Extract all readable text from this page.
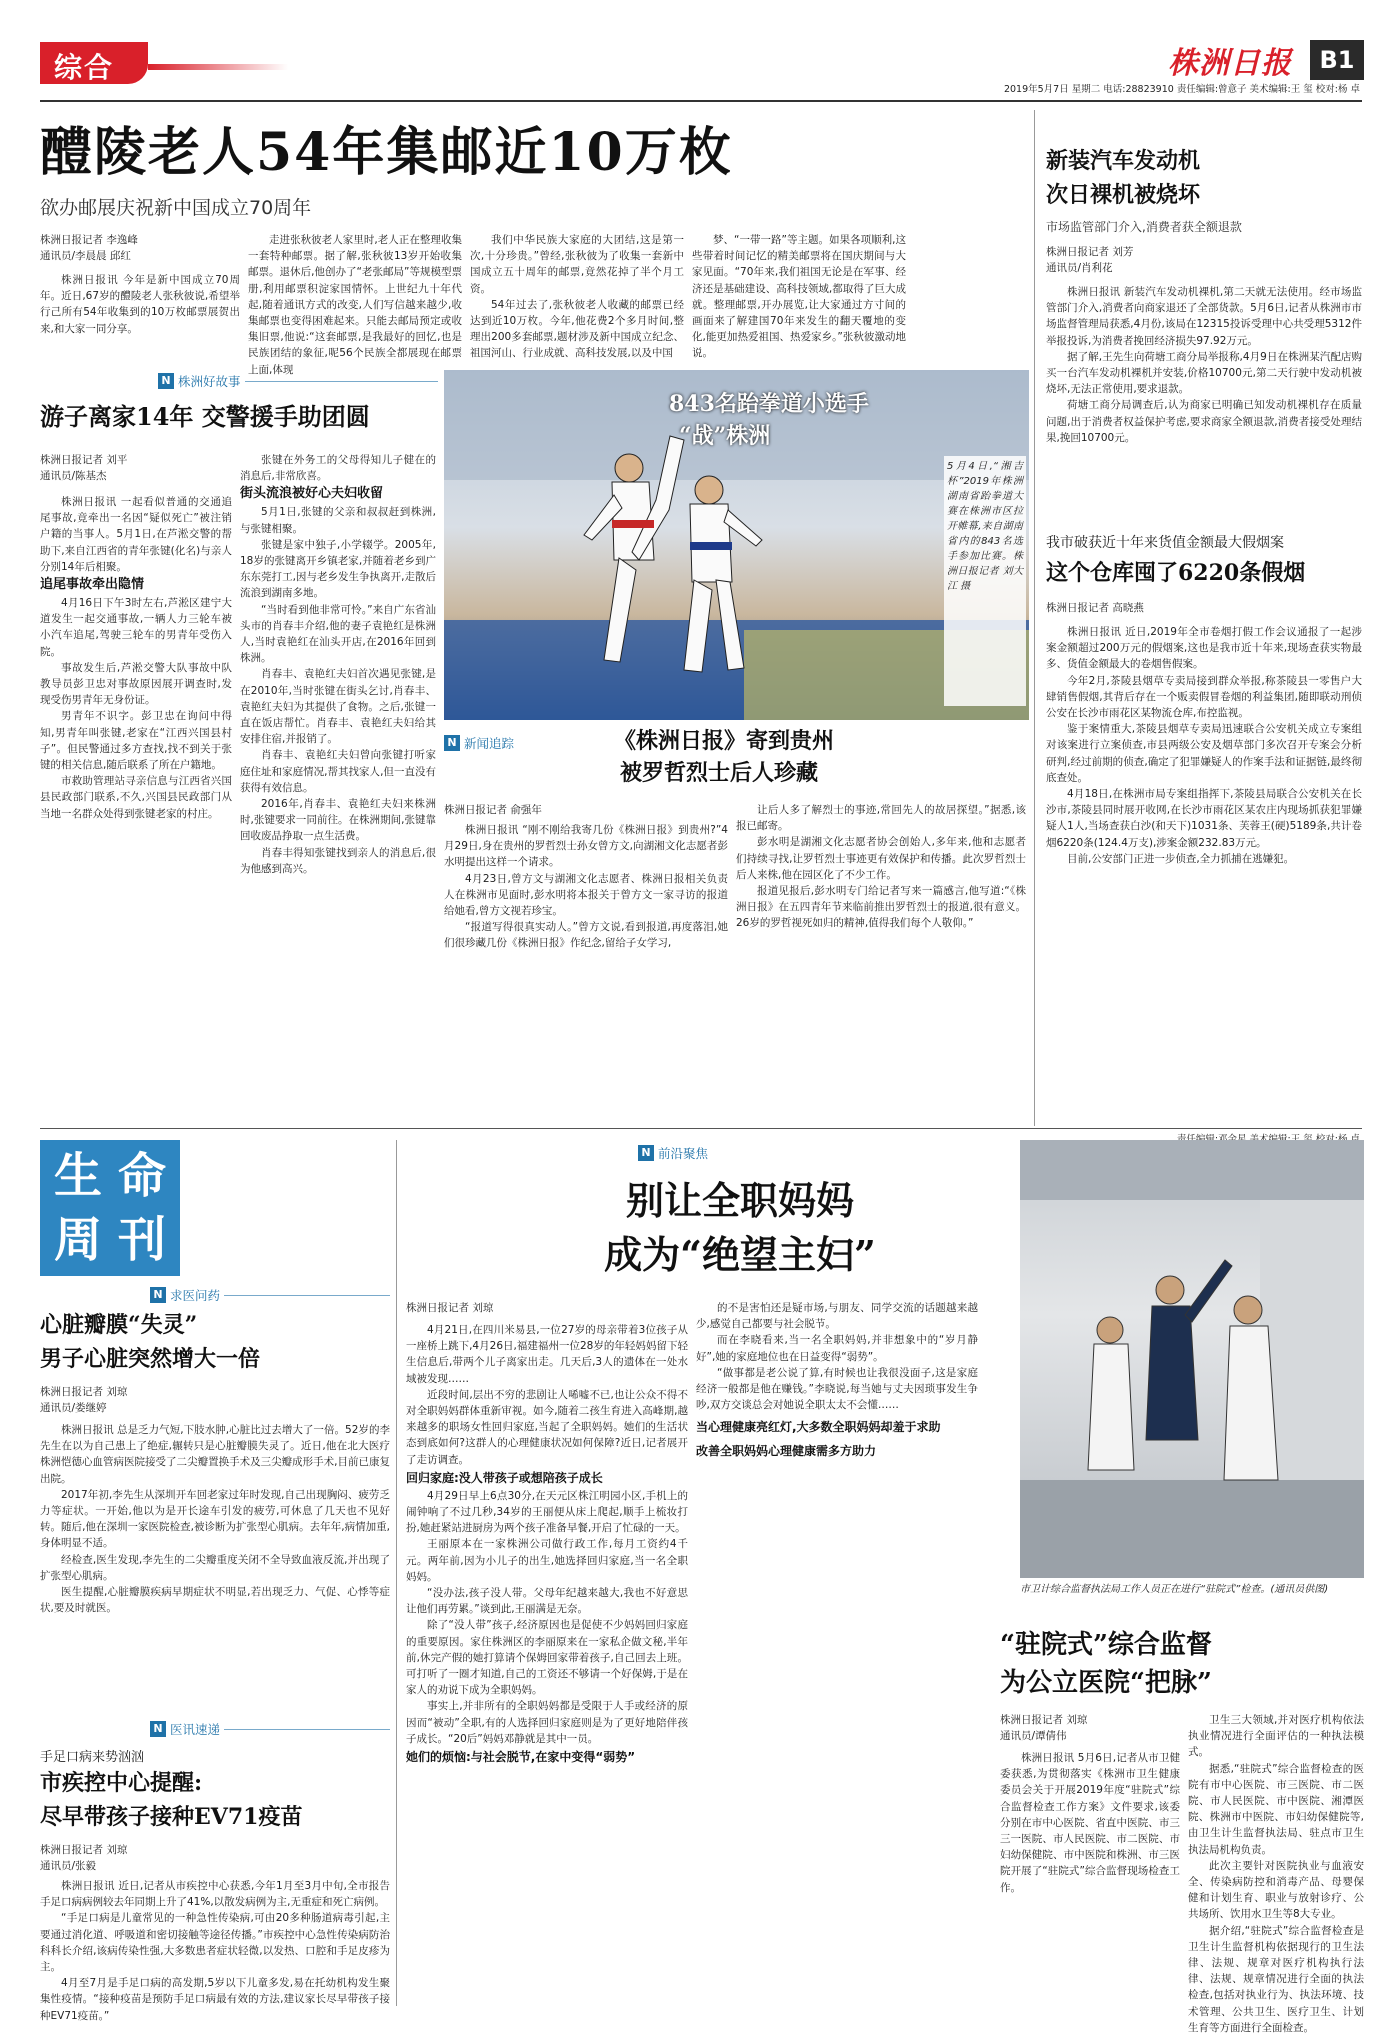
综合	株洲日报	B1
2019年5月7日 星期二 电话:28823910 责任编辑:曾意子 美术编辑:王 玺 校对:杨 卓
醴陵老人54年集邮近10万枚
欲办邮展庆祝新中国成立70周年
株洲日报记者 李逸峰
通讯员/李晨晨 邱红

株洲日报讯 今年是新中国成立70周年。近日,67岁的醴陵老人张秋彼说,希望举行己所有54年收集到的10万枚邮票展贺出来,和大家一同分享。

走进张秋彼老人家里时,老人正在整理收集一套特种邮票。据了解,张秋彼13岁开始收集邮票。退休后,他创办了“老张邮局”等规模型票册,利用邮票积淀家国情怀。上世纪九十年代起,随着通讯方式的改变,人们写信越来越少,收集邮票也变得困难起来。只能去邮局预定或收集旧票,他说:“这套邮票,是我最好的回忆,也是民族团结的象征,呢56个民族全都展现在邮票上面,体现

我们中华民族大家庭的大团结,这是第一次,十分珍贵。”曾经,张秋彼为了收集一套新中国成立五十周年的邮票,竟然花掉了半个月工资。

54年过去了,张秋彼老人收藏的邮票已经达到近10万枚。今年,他花费2个多月时间,整理出200多套邮票,题材涉及新中国成立纪念、祖国河山、行业成就、高科技发展,以及中国

梦、“一带一路”等主题。如果各项顺利,这些带着时间记忆的精美邮票将在国庆期间与大家见面。“70年来,我们祖国无论是在军事、经济还是基础建设、高科技领域,都取得了巨大成就。整理邮票,开办展览,让大家通过方寸间的画面来了解建国70年来发生的翻天覆地的变化,能更加热爱祖国、热爱家乡。”张秋彼激动地说。

N 株洲好故事
游子离家14年 交警援手助团圆
株洲日报记者 刘平
通讯员/陈基杰

株洲日报讯 一起看似普通的交通追尾事故,竟牵出一名因“疑似死亡”被注销户籍的当事人。5月1日,在芦淞交警的帮助下,来自江西省的青年张键(化名)与亲人分别14年后相聚。

追尾事故牵出隐情

4月16日下午3时左右,芦淞区建宁大道发生一起交通事故,一辆人力三轮车被小汽车追尾,驾驶三轮车的男青年受伤入院。

事故发生后,芦淞交警大队事故中队教导员彭卫忠对事故原因展开调查时,发现受伤男青年无身份证。

男青年不识字。彭卫忠在询问中得知,男青年叫张键,老家在“江西兴国县村子”。但民警通过多方查找,找不到关于张键的相关信息,随后联系了所在户籍地。

市救助管理站寻亲信息与江西省兴国县民政部门联系,不久,兴国县民政部门从当地一名群众处得到张键老家的村庄。

张键在外务工的父母得知儿子健在的消息后,非常欣喜。

街头流浪被好心夫妇收留

5月1日,张键的父亲和叔叔赶到株洲,与张键相聚。

张键是家中独子,小学辍学。2005年,18岁的张键离开乡镇老家,并随着老乡到广东东莞打工,因与老乡发生争执离开,走散后流浪到湖南多地。

“当时看到他非常可怜。”来自广东省汕头市的肖春丰介绍,他的妻子袁艳红是株洲人,当时袁艳红在汕头开店,在2016年回到株洲。

肖春丰、袁艳红夫妇首次遇见张键,是在2010年,当时张键在街头乞讨,肖春丰、袁艳红夫妇为其提供了食物。之后,张键一直在饭店帮忙。肖春丰、袁艳红夫妇给其安排住宿,并报销了。

肖春丰、袁艳红夫妇曾向张键打听家庭住址和家庭情况,帮其找家人,但一直没有获得有效信息。

2016年,肖春丰、袁艳红夫妇来株洲时,张键要求一同前往。在株洲期间,张键靠回收废品挣取一点生活费。

肖春丰得知张键找到亲人的消息后,很为他感到高兴。

843名跆拳道小选手
“战”株洲
5月4日,“湘吉杯”2019年株洲湖南省跆拳道大赛在株洲市区拉开帷幕,来自湖南省内的843名选手参加比赛。株洲日报记者 刘大江 摄
N 新闻追踪	《株洲日报》寄到贵州
被罗哲烈士后人珍藏
株洲日报记者 俞强年

株洲日报讯 “刚不刚给我寄几份《株洲日报》到贵州?”4月29日,身在贵州的罗哲烈士孙女曾方文,向湖湘文化志愿者彭水明提出这样一个请求。

4月23日,曾方文与湖湘文化志愿者、株洲日报相关负责人在株洲市见面时,彭水明将本报关于曾方文一家寻访的报道给她看,曾方文视若珍宝。

“报道写得很真实动人。”曾方文说,看到报道,再度落泪,她们很珍藏几份《株洲日报》作纪念,留给子女学习,

让后人多了解烈士的事迹,常回先人的故居探望。”据悉,该报已邮寄。

彭水明是湖湘文化志愿者协会创始人,多年来,他和志愿者们持续寻找,让罗哲烈士事迹更有效保护和传播。此次罗哲烈士后人来株,他在园区化了不少工作。

报道见报后,彭水明专门给记者写来一篇感言,他写道:“《株洲日报》在五四青年节来临前推出罗哲烈士的报道,很有意义。26岁的罗哲视死如归的精神,值得我们每个人敬仰。”

新装汽车发动机
次日裸机被烧坏
市场监管部门介入,消费者获全额退款
株洲日报记者 刘芳
通讯员/肖利花

株洲日报讯 新装汽车发动机裸机,第二天就无法使用。经市场监管部门介入,消费者向商家退还了全部货款。5月6日,记者从株洲市市场监督管理局获悉,4月份,该局在12315投诉受理中心共受理5312件举报投诉,为消费者挽回经济损失97.92万元。

据了解,王先生向荷塘工商分局举报称,4月9日在株洲某汽配店购买一台汽车发动机裸机并安装,价格10700元,第二天行驶中发动机被烧坏,无法正常使用,要求退款。

荷塘工商分局调查后,认为商家已明确已知发动机裸机存在质量问题,出于消费者权益保护考虑,要求商家全额退款,消费者接受处理结果,挽回10700元。

我市破获近十年来货值金额最大假烟案
这个仓库囤了6220条假烟
株洲日报记者 高晓燕

株洲日报讯 近日,2019年全市卷烟打假工作会议通报了一起涉案金额超过200万元的假烟案,这也是我市近十年来,现场查获实物最多、货值金额最大的卷烟售假案。

今年2月,茶陵县烟草专卖局接到群众举报,称茶陵县一零售户大肆销售假烟,其背后存在一个贩卖假冒卷烟的利益集团,随即联动刑侦公安在长沙市雨花区某物流仓库,布控监视。

鉴于案情重大,茶陵县烟草专卖局迅速联合公安机关成立专案组对该案进行立案侦查,市县两级公安及烟草部门多次召开专案会分析研判,经过前期的侦查,确定了犯罪嫌疑人的作案手法和证据链,最终彻底查处。

4月18日,在株洲市局专案组指挥下,茶陵县局联合公安机关在长沙市,茶陵县同时展开收网,在长沙市雨花区某农庄内现场抓获犯罪嫌疑人1人,当场查获白沙(和天下)1031条、芙蓉王(硬)5189条,共计卷烟6220条(124.4万支),涉案金额232.83万元。

目前,公安部门正进一步侦查,全力抓捕在逃嫌犯。

生 命
周 刊
N 求医问药
心脏瓣膜“失灵”
男子心脏突然增大一倍
株洲日报记者 刘琼
通讯员/娄继婷

株洲日报讯 总是乏力气短,下肢水肿,心脏比过去增大了一倍。52岁的李先生在以为自己患上了绝症,辗转只是心脏瓣膜失灵了。近日,他在北大医疗株洲恺德心血管病医院接受了二尖瓣置换手术及三尖瓣成形手术,目前已康复出院。

2017年初,李先生从深圳开车回老家过年时发现,自己出现胸闷、疲劳乏力等症状。一开始,他以为是开长途车引发的疲劳,可休息了几天也不见好转。随后,他在深圳一家医院检查,被诊断为扩张型心肌病。去年年,病情加重,身体明显不适。

经检查,医生发现,李先生的二尖瓣重度关闭不全导致血液反流,并出现了扩张型心肌病。

医生提醒,心脏瓣膜疾病早期症状不明显,若出现乏力、气促、心悸等症状,要及时就医。

N 医讯速递
手足口病来势汹汹
市疾控中心提醒:
尽早带孩子接种EV71疫苗
株洲日报记者 刘琼
通讯员/张毅

株洲日报讯 近日,记者从市疾控中心获悉,今年1月至3月中旬,全市报告手足口病病例较去年同期上升了41%,以散发病例为主,无重症和死亡病例。

“手足口病是儿童常见的一种急性传染病,可由20多种肠道病毒引起,主要通过消化道、呼吸道和密切接触等途径传播。”市疾控中心急性传染病防治科科长介绍,该病传染性强,大多数患者症状轻微,以发热、口腔和手足皮疹为主。

4月至7月是手足口病的高发期,5岁以下儿童多发,易在托幼机构发生聚集性疫情。“接种疫苗是预防手足口病最有效的方法,建议家长尽早带孩子接种EV71疫苗。”

N 前沿聚焦
别让全职妈妈
成为“绝望主妇”
株洲日报记者 刘琼

4月21日,在四川米易县,一位27岁的母亲带着3位孩子从一座桥上跳下,4月26日,福建福州一位28岁的年轻妈妈留下轻生信息后,带两个儿子离家出走。几天后,3人的遗体在一处水域被发现……

近段时间,层出不穷的悲剧让人唏嘘不已,也让公众不得不对全职妈妈群体重新审视。如今,随着二孩生育进入高峰期,越来越多的职场女性回归家庭,当起了全职妈妈。她们的生活状态到底如何?这群人的心理健康状况如何保障?近日,记者展开了走访调查。

回归家庭:没人带孩子或想陪孩子成长

4月29日早上6点30分,在天元区株江明园小区,手机上的闹钟响了不过几秒,34岁的王丽便从床上爬起,顺手上梳妆打扮,她赶紧站进厨房为两个孩子准备早餐,开启了忙碌的一天。

王丽原本在一家株洲公司做行政工作,每月工资约4千元。两年前,因为小儿子的出生,她选择回归家庭,当一名全职妈妈。

“没办法,孩子没人带。父母年纪越来越大,我也不好意思让他们再劳累。”谈到此,王丽满是无奈。

除了“没人带”孩子,经济原因也是促使不少妈妈回归家庭的重要原因。家住株洲区的李丽原来在一家私企做文秘,半年前,休完产假的她打算请个保姆回家带着孩子,自己回去上班。可打听了一圈才知道,自己的工资还不够请一个好保姆,于是在家人的劝说下成为全职妈妈。

事实上,并非所有的全职妈妈都是受限于人手或经济的原因而“被动”全职,有的人选择回归家庭则是为了更好地陪伴孩子成长。“20后”妈妈邓静就是其中一员。

她们的烦恼:与社会脱节,在家中变得“弱势”

的不是害怕还是疑市场,与朋友、同学交流的话题越来越少,感觉自己都要与社会脱节。

而在李晓看来,当一名全职妈妈,并非想象中的“岁月静好”,她的家庭地位也在日益变得“弱势”。

“做事都是老公说了算,有时候也让我很没面子,这是家庭经济一般都是他在赚钱。”李晓说,每当她与丈夫因琐事发生争吵,双方交谈总会对她说全职太太不会懂……

当心理健康亮红灯,大多数全职妈妈却羞于求助
改善全职妈妈心理健康需多方助力
市卫计综合监督执法局工作人员正在进行“驻院式”检查。(通讯员供图)
“驻院式”综合监督
为公立医院“把脉”
株洲日报记者 刘琼
通讯员/谭倩伟

株洲日报讯 5月6日,记者从市卫健委获悉,为贯彻落实《株洲市卫生健康委员会关于开展2019年度“驻院式”综合监督检查工作方案》文件要求,该委分别在市中心医院、省直中医院、市三三一医院、市人民医院、市二医院、市妇幼保健院、市中医院和株洲、市三医院开展了“驻院式”综合监督现场检查工作。

卫生三大领域,并对医疗机构依法执业情况进行全面评估的一种执法模式。

据悉,“驻院式”综合监督检查的医院有市中心医院、市三医院、市二医院、市人民医院、市中医院、湘潭医院、株洲市中医院、市妇幼保健院等,由卫生计生监督执法局、驻点市卫生执法局机构负责。

此次主要针对医院执业与血液安全、传染病防控和消毒产品、母婴保健和计划生育、职业与放射诊疗、公共场所、饮用水卫生等8大专业。

据介绍,“驻院式”综合监督检查是卫生计生监督机构依据现行的卫生法律、法规、规章对医疗机构执行法律、法规、规章情况进行全面的执法检查,包括对执业行为、执法环境、技术管理、公共卫生、医疗卫生、计划生育等方面进行全面检查。
